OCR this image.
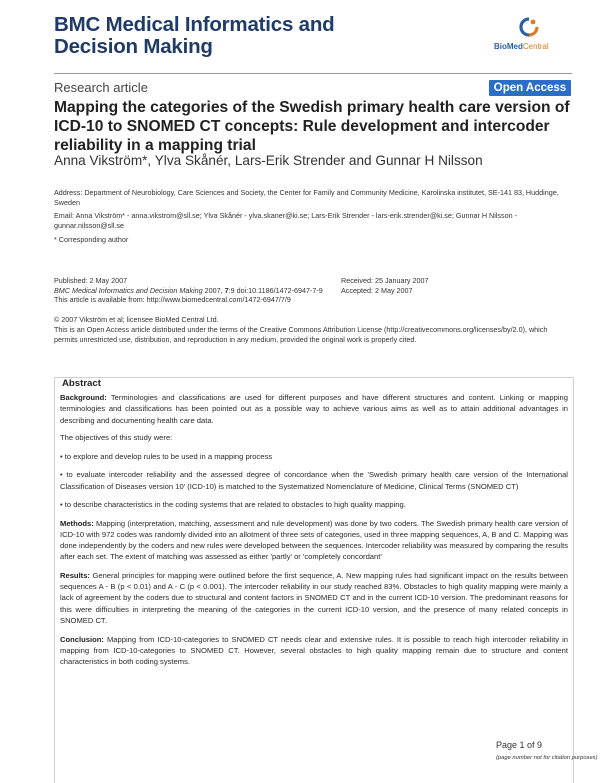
BMC Medical Informatics and
Decision Making	BioMedCentral
Research article	Open Access
Mapping the categories of the Swedish primary health care version of ICD-10 to SNOMED CT concepts: Rule development and intercoder reliability in a mapping trial
Anna Vikström*, Ylva Skånér, Lars-Erik Strender and Gunnar H Nilsson
Address: Department of Neurobiology, Care Sciences and Society, the Center for Family and Community Medicine, Karolinska institutet, SE-141 83, Huddinge, Sweden
Email: Anna Vikström* - anna.vikstrom@sll.se; Ylva Skånér - ylva.skaner@ki.se; Lars-Erik Strender - lars-erik.strender@ki.se; Gunnar H Nilsson - gunnar.nilsson@sll.se
* Corresponding author
Published: 2 May 2007
BMC Medical Informatics and Decision Making 2007, 7:9 doi:10.1186/1472-6947-7-9
This article is available from: http://www.biomedcentral.com/1472-6947/7/9
Received: 25 January 2007
Accepted: 2 May 2007
© 2007 Vikström et al; licensee BioMed Central Ltd.
This is an Open Access article distributed under the terms of the Creative Commons Attribution License (http://creativecommons.org/licenses/by/2.0), which permits unrestricted use, distribution, and reproduction in any medium, provided the original work is properly cited.
Abstract

Background: Terminologies and classifications are used for different purposes and have different structures and content. Linking or mapping terminologies and classifications has been pointed out as a possible way to achieve various aims as well as to attain additional advantages in describing and documenting health care data.

The objectives of this study were:

• to explore and develop rules to be used in a mapping process

• to evaluate intercoder reliability and the assessed degree of concordance when the 'Swedish primary health care version of the International Classification of Diseases version 10' (ICD-10) is matched to the Systematized Nomenclature of Medicine, Clinical Terms (SNOMED CT)

• to describe characteristics in the coding systems that are related to obstacles to high quality mapping.

Methods: Mapping (interpretation, matching, assessment and rule development) was done by two coders. The Swedish primary health care version of ICD-10 with 972 codes was randomly divided into an allotment of three sets of categories, used in three mapping sequences, A, B and C. Mapping was done independently by the coders and new rules were developed between the sequences. Intercoder reliability was measured by comparing the results after each set. The extent of matching was assessed as either 'partly' or 'completely concordant'

Results: General principles for mapping were outlined before the first sequence, A. New mapping rules had significant impact on the results between sequences A - B (p < 0.01) and A - C (p < 0.001). The intercoder reliability in our study reached 83%. Obstacles to high quality mapping were mainly a lack of agreement by the coders due to structural and content factors in SNOMED CT and in the current ICD-10 version. The predominant reasons for this were difficulties in interpreting the meaning of the categories in the current ICD-10 version, and the presence of many related concepts in SNOMED CT.

Conclusion: Mapping from ICD-10-categories to SNOMED CT needs clear and extensive rules. It is possible to reach high intercoder reliability in mapping from ICD-10-categories to SNOMED CT. However, several obstacles to high quality mapping remain due to structure and content characteristics in both coding systems.

Page 1 of 9
(page number not for citation purposes)
